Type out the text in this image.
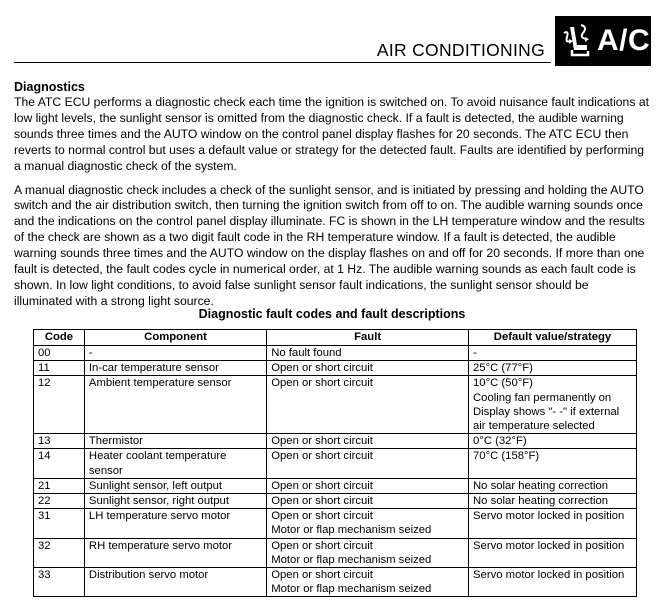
AIR CONDITIONING A/C
Diagnostics

The ATC ECU performs a diagnostic check each time the ignition is switched on. To avoid nuisance fault indications at low light levels, the sunlight sensor is omitted from the diagnostic check. If a fault is detected, the audible warning sounds three times and the AUTO window on the control panel display flashes for 20 seconds. The ATC ECU then reverts to normal control but uses a default value or strategy for the detected fault. Faults are identified by performing a manual diagnostic check of the system.

A manual diagnostic check includes a check of the sunlight sensor, and is initiated by pressing and holding the AUTO switch and the air distribution switch, then turning the ignition switch from off to on. The audible warning sounds once and the indications on the control panel display illuminate. FC is shown in the LH temperature window and the results of the check are shown as a two digit fault code in the RH temperature window. If a fault is detected, the audible warning sounds three times and the AUTO window on the display flashes on and off for 20 seconds. If more than one fault is detected, the fault codes cycle in numerical order, at 1 Hz. The audible warning sounds as each fault code is shown. In low light conditions, to avoid false sunlight sensor fault indications, the sunlight sensor should be illuminated with a strong light source.

Diagnostic fault codes and fault descriptions
Code	Component	Fault	Default value/strategy
00	-	No fault found	-

11	In-car temperature sensor	Open or short circuit	25°C (77°F)

12	Ambient temperature sensor	Open or short circuit	10°C (50°F)
Cooling fan permanently on
Display shows "- -" if external
air temperature selected

13	Thermistor	Open or short circuit	0°C (32°F)

14	Heater coolant temperature sensor	Open or short circuit	70°C (158°F)

21	Sunlight sensor, left output	Open or short circuit	No solar heating correction

22	Sunlight sensor, right output	Open or short circuit	No solar heating correction

31	LH temperature servo motor	Open or short circuit
Motor or flap mechanism seized	Servo motor locked in position

32	RH temperature servo motor	Open or short circuit
Motor or flap mechanism seized	Servo motor locked in position

33	Distribution servo motor	Open or short circuit
Motor or flap mechanism seized	Servo motor locked in position
